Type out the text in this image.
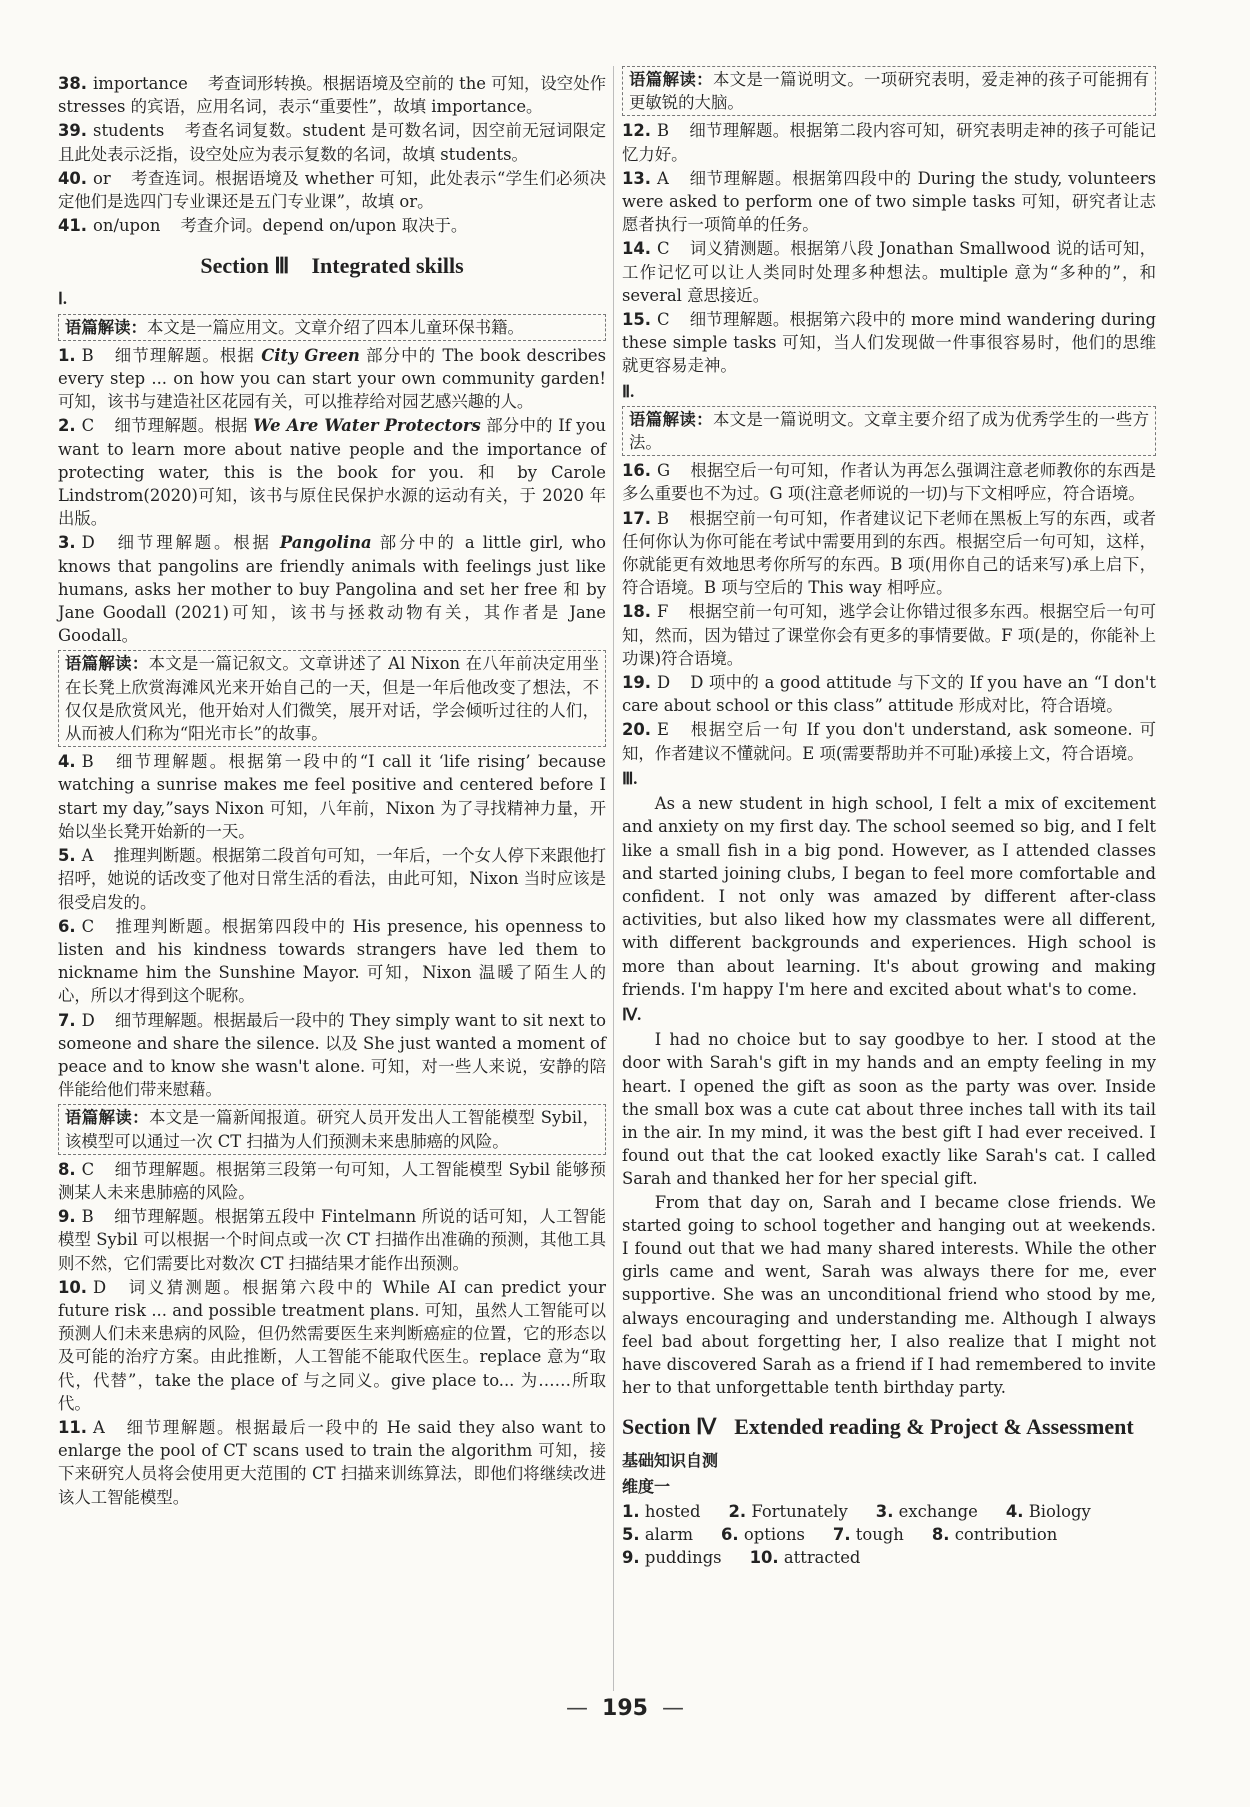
38. importance 考查词形转换。根据语境及空前的 the 可知，设空处作 stresses 的宾语，应用名词，表示“重要性”，故填 importance。
39. students 考查名词复数。student 是可数名词，因空前无冠词限定且此处表示泛指，设空处应为表示复数的名词，故填 students。
40. or 考查连词。根据语境及 whether 可知，此处表示“学生们必须决定他们是选四门专业课还是五门专业课”，故填 or。
41. on/upon 考查介词。depend on/upon 取决于。
Section Ⅲ　Integrated skills
Ⅰ.
语篇解读：本文是一篇应用文。文章介绍了四本儿童环保书籍。
1. B 细节理解题。根据 City Green 部分中的 The book describes every step ... on how you can start your own community garden! 可知，该书与建造社区花园有关，可以推荐给对园艺感兴趣的人。
2. C 细节理解题。根据 We Are Water Protectors 部分中的 If you want to learn more about native people and the importance of protecting water, this is the book for you. 和 by Carole Lindstrom(2020)可知，该书与原住民保护水源的运动有关，于 2020 年出版。
3. D 细节理解题。根据 Pangolina 部分中的 a little girl, who knows that pangolins are friendly animals with feelings just like humans, asks her mother to buy Pangolina and set her free 和 by Jane Goodall (2021)可知，该书与拯救动物有关，其作者是 Jane Goodall。
语篇解读：本文是一篇记叙文。文章讲述了 Al Nixon 在八年前决定用坐在长凳上欣赏海滩风光来开始自己的一天，但是一年后他改变了想法，不仅仅是欣赏风光，他开始对人们微笑，展开对话，学会倾听过往的人们，从而被人们称为“阳光市长”的故事。
4. B 细节理解题。根据第一段中的“I call it ‘life rising’ because watching a sunrise makes me feel positive and centered before I start my day,”says Nixon 可知，八年前，Nixon 为了寻找精神力量，开始以坐长凳开始新的一天。
5. A 推理判断题。根据第二段首句可知，一年后，一个女人停下来跟他打招呼，她说的话改变了他对日常生活的看法，由此可知，Nixon 当时应该是很受启发的。
6. C 推理判断题。根据第四段中的 His presence, his openness to listen and his kindness towards strangers have led them to nickname him the Sunshine Mayor. 可知，Nixon 温暖了陌生人的心，所以才得到这个昵称。
7. D 细节理解题。根据最后一段中的 They simply want to sit next to someone and share the silence. 以及 She just wanted a moment of peace and to know she wasn't alone. 可知，对一些人来说，安静的陪伴能给他们带来慰藉。
语篇解读：本文是一篇新闻报道。研究人员开发出人工智能模型 Sybil，该模型可以通过一次 CT 扫描为人们预测未来患肺癌的风险。
8. C 细节理解题。根据第三段第一句可知，人工智能模型 Sybil 能够预测某人未来患肺癌的风险。
9. B 细节理解题。根据第五段中 Fintelmann 所说的话可知，人工智能模型 Sybil 可以根据一个时间点或一次 CT 扫描作出准确的预测，其他工具则不然，它们需要比对数次 CT 扫描结果才能作出预测。
10. D 词义猜测题。根据第六段中的 While AI can predict your future risk ... and possible treatment plans. 可知，虽然人工智能可以预测人们未来患病的风险，但仍然需要医生来判断癌症的位置，它的形态以及可能的治疗方案。由此推断，人工智能不能取代医生。replace 意为“取代，代替”，take the place of 与之同义。give place to... 为……所取代。
11. A 细节理解题。根据最后一段中的 He said they also want to enlarge the pool of CT scans used to train the algorithm 可知，接下来研究人员将会使用更大范围的 CT 扫描来训练算法，即他们将继续改进该人工智能模型。
语篇解读：本文是一篇说明文。一项研究表明，爱走神的孩子可能拥有更敏锐的大脑。
12. B 细节理解题。根据第二段内容可知，研究表明走神的孩子可能记忆力好。
13. A 细节理解题。根据第四段中的 During the study, volunteers were asked to perform one of two simple tasks 可知，研究者让志愿者执行一项简单的任务。
14. C 词义猜测题。根据第八段 Jonathan Smallwood 说的话可知，工作记忆可以让人类同时处理多种想法。multiple 意为“多种的”，和 several 意思接近。
15. C 细节理解题。根据第六段中的 more mind wandering during these simple tasks 可知，当人们发现做一件事很容易时，他们的思维就更容易走神。
Ⅱ.
语篇解读：本文是一篇说明文。文章主要介绍了成为优秀学生的一些方法。
16. G 根据空后一句可知，作者认为再怎么强调注意老师教你的东西是多么重要也不为过。G 项(注意老师说的一切)与下文相呼应，符合语境。
17. B 根据空前一句可知，作者建议记下老师在黑板上写的东西，或者任何你认为你可能在考试中需要用到的东西。根据空后一句可知，这样，你就能更有效地思考你所写的东西。B 项(用你自己的话来写)承上启下，符合语境。B 项与空后的 This way 相呼应。
18. F 根据空前一句可知，逃学会让你错过很多东西。根据空后一句可知，然而，因为错过了课堂你会有更多的事情要做。F 项(是的，你能补上功课)符合语境。
19. D D 项中的 a good attitude 与下文的 If you have an “I don't care about school or this class” attitude 形成对比，符合语境。
20. E 根据空后一句 If you don't understand, ask someone. 可知，作者建议不懂就问。E 项(需要帮助并不可耻)承接上文，符合语境。
Ⅲ.

As a new student in high school, I felt a mix of excitement and anxiety on my first day. The school seemed so big, and I felt like a small fish in a big pond. However, as I attended classes and started joining clubs, I began to feel more comfortable and confident. I not only was amazed by different after-class activities, but also liked how my classmates were all different, with different backgrounds and experiences. High school is more than about learning. It's about growing and making friends. I'm happy I'm here and excited about what's to come.

Ⅳ.

I had no choice but to say goodbye to her. I stood at the door with Sarah's gift in my hands and an empty feeling in my heart. I opened the gift as soon as the party was over. Inside the small box was a cute cat about three inches tall with its tail in the air. In my mind, it was the best gift I had ever received. I found out that the cat looked exactly like Sarah's cat. I called Sarah and thanked her for her special gift.

From that day on, Sarah and I became close friends. We started going to school together and hanging out at weekends. I found out that we had many shared interests. While the other girls came and went, Sarah was always there for me, ever supportive. She was an unconditional friend who stood by me, always encouraging and understanding me. Although I always feel bad about forgetting her, I also realize that I might not have discovered Sarah as a friend if I had remembered to invite her to that unforgettable tenth birthday party.

Section Ⅳ Extended reading & Project & Assessment
基础知识自测
维度一
1. hosted	2. Fortunately	3. exchange	4. Biology
5. alarm	6. options	7. tough	8. contribution
9. puddings	10. attracted
— 195 —
